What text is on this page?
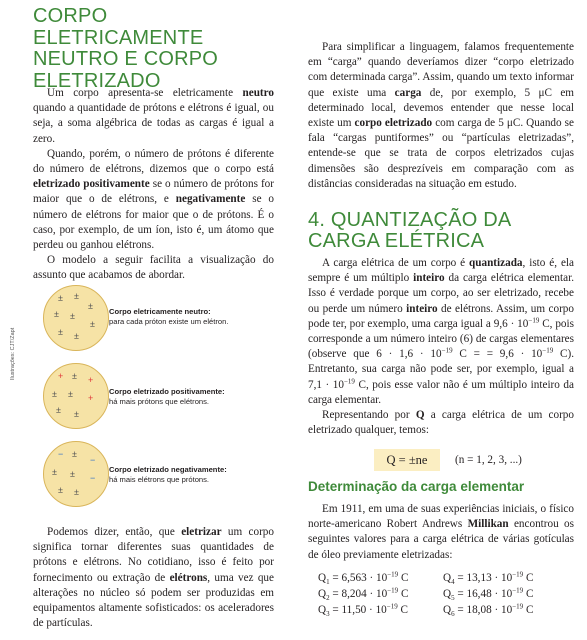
CORPO ELETRICAMENTE NEUTRO E CORPO ELETRIZADO

Um corpo apresenta-se eletricamente neutro quando a quantidade de prótons e elétrons é igual, ou seja, a soma algébrica de todas as cargas é igual a zero.

Quando, porém, o número de prótons é diferente do número de elétrons, dizemos que o corpo está eletrizado positivamente se o número de prótons for maior que o de elétrons, e negativamente se o número de elétrons for maior que o de prótons. É o caso, por exemplo, de um íon, isto é, um átomo que perdeu ou ganhou elétrons.

O modelo a seguir facilita a visualização do assunto que acabamos de abordar.

Ilustrações: CJT/Zapt
± ±
±
± ±
±
± ±
Corpo eletricamente neutro:
para cada próton existe um elétron.
+ ± +
± ± +
± ±
Corpo eletrizado positivamente:
há mais prótons que elétrons.
− ±
−
± ± −
± ±
Corpo eletrizado negativamente:
há mais elétrons que prótons.

Podemos dizer, então, que eletrizar um corpo significa tornar diferentes suas quantidades de prótons e elétrons. No cotidiano, isso é feito por fornecimento ou extração de elétrons, uma vez que alterações no núcleo só podem ser produzidas em equipamentos altamente sofisticados: os aceleradores de partículas.

Para simplificar a linguagem, falamos frequentemente em “carga” quando deveríamos dizer “corpo eletrizado com determinada carga”. Assim, quando um texto informar que existe uma carga de, por exemplo, 5 μC em determinado local, devemos entender que nesse local existe um corpo eletrizado com carga de 5 μC. Quando se fala “cargas puntiformes” ou “partículas eletrizadas”, entende-se que se trata de corpos eletrizados cujas dimensões são desprezíveis em comparação com as distâncias consideradas na situação em estudo.

4. QUANTIZAÇÃO DA CARGA ELÉTRICA

A carga elétrica de um corpo é quantizada, isto é, ela sempre é um múltiplo inteiro da carga elétrica elementar. Isso é verdade porque um corpo, ao ser eletrizado, recebe ou perde um número inteiro de elétrons. Assim, um corpo pode ter, por exemplo, uma carga igual a $9,6 \cdot 10^{-19}$ C, pois corresponde a um número inteiro (6) de cargas elementares (observe que $6 \cdot 1,6 \cdot 10^{-19}$ C = = $9,6 \cdot 10^{-19}$ C). Entretanto, sua carga não pode ser, por exemplo, igual a $7,1 \cdot 10^{-19}$ C, pois esse valor não é um múltiplo inteiro da carga elementar.

Representando por Q a carga elétrica de um corpo eletrizado qualquer, temos:

Q = ±ne	(n = 1, 2, 3, ...)
Determinação da carga elementar

Em 1911, em uma de suas experiências iniciais, o físico norte-americano Robert Andrews Millikan encontrou os seguintes valores para a carga elétrica de várias gotículas de óleo previamente eletrizadas:

$Q_1 = 6,563 \cdot 10^{-19}$ C	$Q_4 = 13,13 \cdot 10^{-19}$ C
$Q_2 = 8,204 \cdot 10^{-19}$ C	$Q_5 = 16,48 \cdot 10^{-19}$ C
$Q_3 = 11,50 \cdot 10^{-19}$ C	$Q_6 = 18,08 \cdot 10^{-19}$ C
